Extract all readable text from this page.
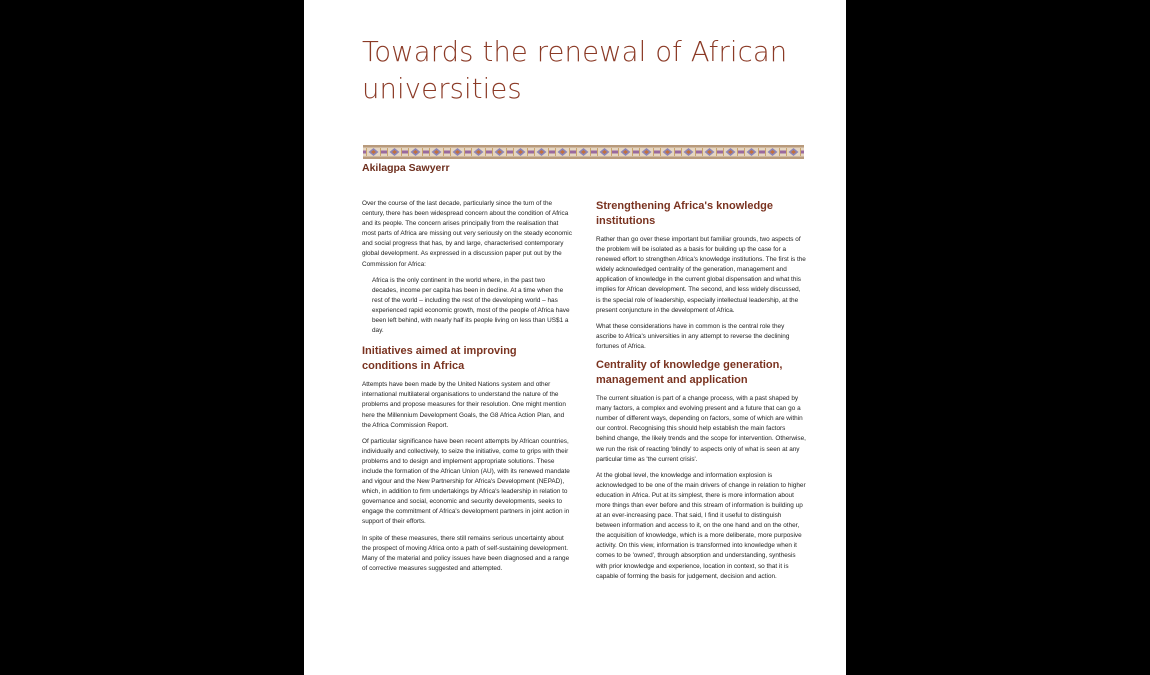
Towards the renewal of African universities
Akilagpa Sawyerr

Over the course of the last decade, particularly since the turn of the century, there has been widespread concern about the condition of Africa and its people. The concern arises principally from the realisation that most parts of Africa are missing out very seriously on the steady economic and social progress that has, by and large, characterised contemporary global development. As expressed in a discussion paper put out by the Commission for Africa:

Africa is the only continent in the world where, in the past two decades, income per capita has been in decline. At a time when the rest of the world – including the rest of the developing world – has experienced rapid economic growth, most of the people of Africa have been left behind, with nearly half its people living on less than US$1 a day.

Initiatives aimed at improving conditions in Africa

Attempts have been made by the United Nations system and other international multilateral organisations to understand the nature of the problems and propose measures for their resolution. One might mention here the Millennium Development Goals, the G8 Africa Action Plan, and the Africa Commission Report.

Of particular significance have been recent attempts by African countries, individually and collectively, to seize the initiative, come to grips with their problems and to design and implement appropriate solutions. These include the formation of the African Union (AU), with its renewed mandate and vigour and the New Partnership for Africa's Development (NEPAD), which, in addition to firm undertakings by Africa's leadership in relation to governance and social, economic and security developments, seeks to engage the commitment of Africa's development partners in joint action in support of their efforts.

In spite of these measures, there still remains serious uncertainty about the prospect of moving Africa onto a path of self-sustaining development. Many of the material and policy issues have been diagnosed and a range of corrective measures suggested and attempted.

Strengthening Africa's knowledge institutions

Rather than go over these important but familiar grounds, two aspects of the problem will be isolated as a basis for building up the case for a renewed effort to strengthen Africa's knowledge institutions. The first is the widely acknowledged centrality of the generation, management and application of knowledge in the current global dispensation and what this implies for African development. The second, and less widely discussed, is the special role of leadership, especially intellectual leadership, at the present conjuncture in the development of Africa.

What these considerations have in common is the central role they ascribe to Africa's universities in any attempt to reverse the declining fortunes of Africa.

Centrality of knowledge generation, management and application

The current situation is part of a change process, with a past shaped by many factors, a complex and evolving present and a future that can go a number of different ways, depending on factors, some of which are within our control. Recognising this should help establish the main factors behind change, the likely trends and the scope for intervention. Otherwise, we run the risk of reacting 'blindly' to aspects only of what is seen at any particular time as 'the current crisis'.

At the global level, the knowledge and information explosion is acknowledged to be one of the main drivers of change in relation to higher education in Africa. Put at its simplest, there is more information about more things than ever before and this stream of information is building up at an ever-increasing pace. That said, I find it useful to distinguish between information and access to it, on the one hand and on the other, the acquisition of knowledge, which is a more deliberate, more purposive activity. On this view, information is transformed into knowledge when it comes to be 'owned', through absorption and understanding, synthesis with prior knowledge and experience, location in context, so that it is capable of forming the basis for judgement, decision and action.
